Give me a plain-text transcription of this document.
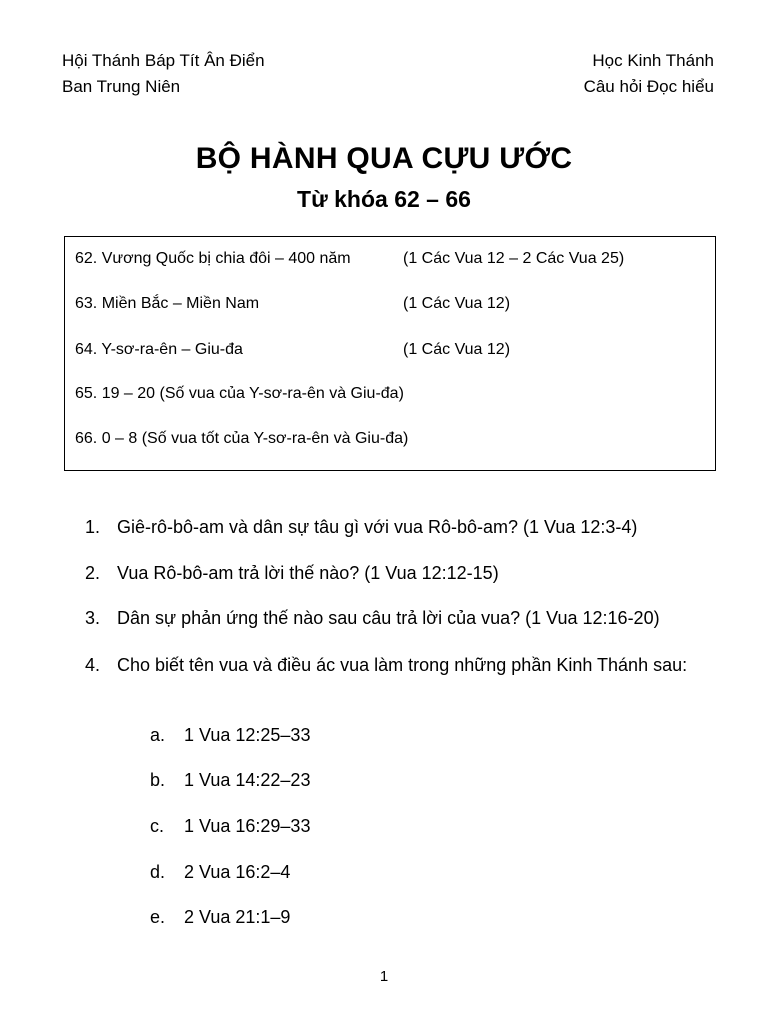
Hội Thánh Báp Tít Ân Điển
Ban Trung Niên
Học Kinh Thánh
Câu hỏi Đọc hiểu
BỘ HÀNH QUA CỰU ƯỚC
Từ khóa 62 – 66
62. Vương Quốc bị chia đôi – 400 năm	(1 Các Vua 12 – 2 Các Vua 25)
63. Miền Bắc – Miền Nam	(1 Các Vua 12)
64. Y-sơ-ra-ên – Giu-đa	(1 Các Vua 12)
65. 19 – 20 (Số vua của Y-sơ-ra-ên và Giu-đa)
66. 0 – 8 (Số vua tốt của Y-sơ-ra-ên và Giu-đa)
1. Giê-rô-bô-am và dân sự tâu gì với vua Rô-bô-am? (1 Vua 12:3-4)
2. Vua Rô-bô-am trả lời thế nào? (1 Vua 12:12-15)
3. Dân sự phản ứng thế nào sau câu trả lời của vua? (1 Vua 12:16-20)
4. Cho biết tên vua và điều ác vua làm trong những phần Kinh Thánh sau:
a. 1 Vua 12:25–33
b. 1 Vua 14:22–23
c. 1 Vua 16:29–33
d. 2 Vua 16:2–4
e. 2 Vua 21:1–9
1
